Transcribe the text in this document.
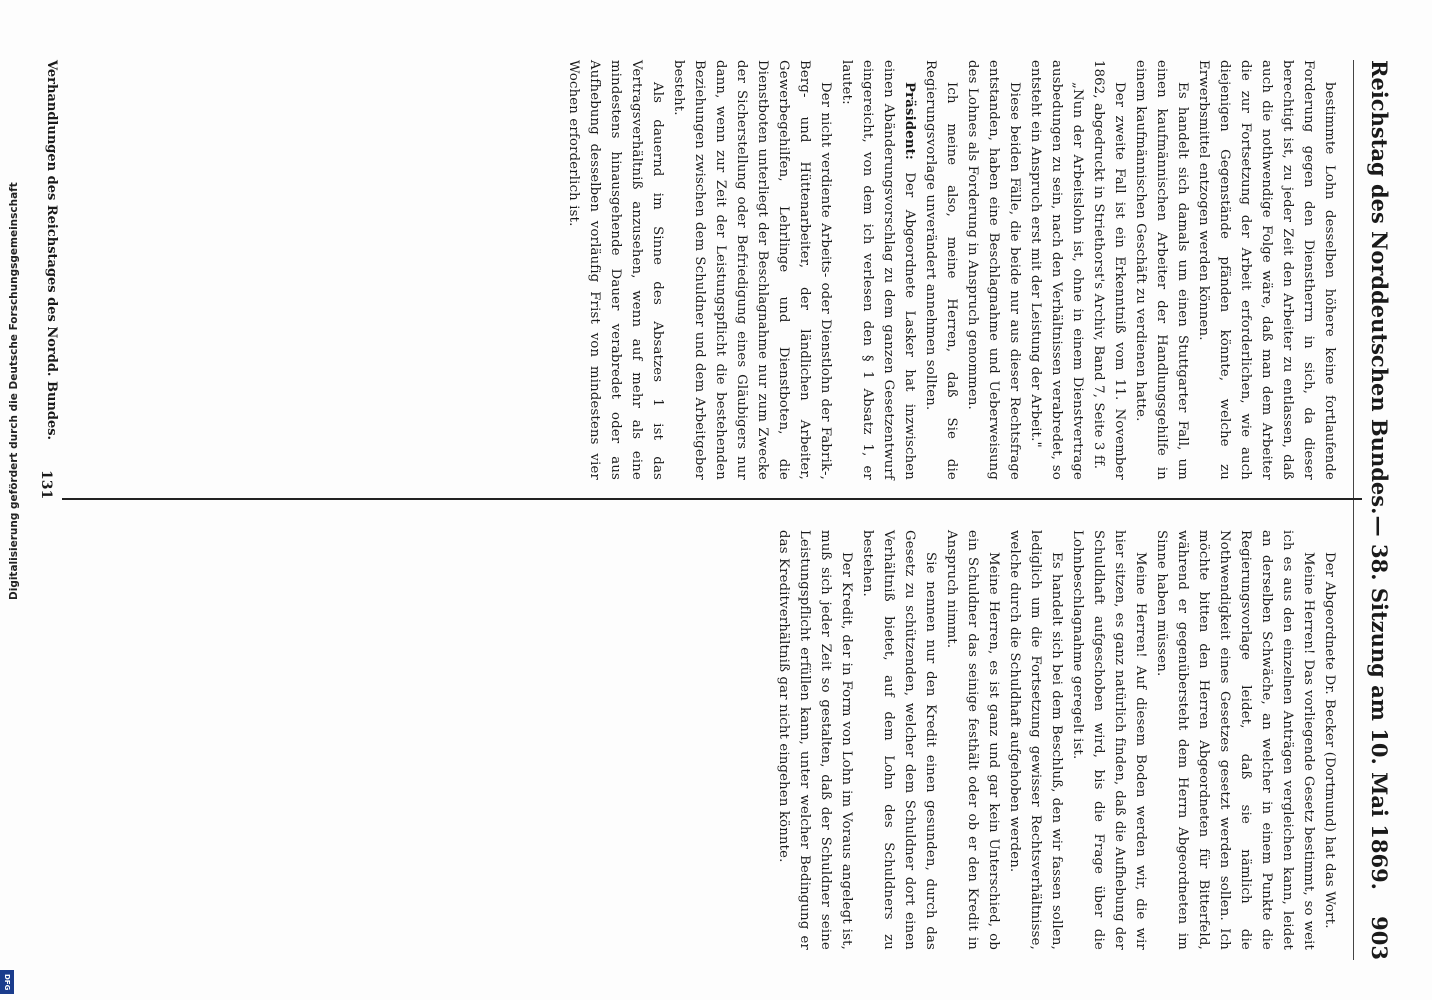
Reichstag des Norddeutschen Bundes.
— 38. Sitzung am 10. Mai 1869.
903

bestimmte Lohn desselben höhere keine fortlaufende Forderung gegen den Dienstherrn in sich, da dieser berechtigt ist, zu jeder Zeit den Arbeiter zu entlassen, daß auch die nothwendige Folge wäre, daß man dem Arbeiter die zur Fortsetzung der Arbeit erforderlichen, wie auch diejenigen Gegenstände pfänden könnte, welche zu Erwerbsmittel entzogen werden können.

Es handelt sich damals um einen Stuttgarter Fall, um einen kaufmännischen Arbeiter der Handlungsgehilfe in einem kaufmännischen Geschäft zu verdienen hatte.

Der zweite Fall ist ein Erkenntniß vom 11. November 1862, abgedruckt in Striethorst's Archiv, Band 7, Seite 3 ff.

„Nun der Arbeitslohn ist, ohne in einem Dienstvertrage ausbedungen zu sein, nach den Verhältnissen verabredet, so entsteht ein Anspruch erst mit der Leistung der Arbeit."

Diese beiden Fälle, die beide nur aus dieser Rechtsfrage entstanden, haben eine Beschlagnahme und Ueberweisung des Lohnes als Forderung in Anspruch genommen.

Ich meine also, meine Herren, daß Sie die Regierungsvorlage unverändert annehmen sollten.

Präsident: Der Abgeordnete Lasker hat inzwischen einen Abänderungsvorschlag zu dem ganzen Gesetzentwurf eingereicht, von dem ich verlesen den § 1 Absatz 1, er lautet:

Der nicht verdiente Arbeits- oder Dienstlohn der Fabrik-, Berg- und Hüttenarbeiter, der ländlichen Arbeiter, Gewerbegehilfen, Lehrlinge und Dienstboten, die Dienstboten unterliegt der Beschlagnahme nur zum Zwecke der Sicherstellung oder Befriedigung eines Gläubigers nur dann, wenn zur Zeit der Leistungspflicht die bestehenden Beziehungen zwischen dem Schuldner und dem Arbeitgeber besteht.

Als dauernd im Sinne des Absatzes 1 ist das Vertragsverhältniß anzusehen, wenn auf mehr als eine mindestens hinausgehende Dauer verabredet oder aus Aufhebung desselben vorläufig Frist von mindestens vier Wochen erforderlich ist.

Der Abgeordnete Dr. Becker (Dortmund) hat das Wort.

Meine Herren! Das vorliegende Gesetz bestimmt, so weit ich es aus den einzelnen Anträgen vergleichen kann, leidet an derselben Schwäche, an welcher in einem Punkte die Regierungsvorlage leidet, daß sie nämlich die Nothwendigkeit eines Gesetzes gesetzt werden sollen. Ich möchte bitten den Herren Abgeordneten für Bitterfeld, während er gegenübersteht dem Herrn Abgeordneten im Sinne haben müssen.

Meine Herren! Auf diesem Boden werden wir, die wir hier sitzen, es ganz natürlich finden, daß die Aufhebung der Schuldhaft aufgeschoben wird, bis die Frage über die Lohnbeschlagnahme geregelt ist.

Es handelt sich bei dem Beschluß, den wir fassen sollen, lediglich um die Fortsetzung gewisser Rechtsverhältnisse, welche durch die Schuldhaft aufgehoben werden.

Meine Herren, es ist ganz und gar kein Unterschied, ob ein Schuldner das seinige festhält oder ob er den Kredit in Anspruch nimmt.

Sie nennen nur den Kredit einen gesunden, durch das Gesetz zu schützenden, welcher dem Schuldner dort einen Verhältniß bietet, auf dem Lohn des Schuldners zu bestehen.

Der Kredit, der in Form von Lohn im Voraus angelegt ist, muß sich jeder Zeit so gestalten, daß der Schuldner seine Leistungspflicht erfüllen kann, unter welcher Bedingung er das Kreditverhältniß gar nicht eingehen könnte.

Verhandlungen des Reichstages des Nordd. Bundes.
131
Digitalisierung gefördert durch die Deutsche Forschungsgemeinschaft
DFG
